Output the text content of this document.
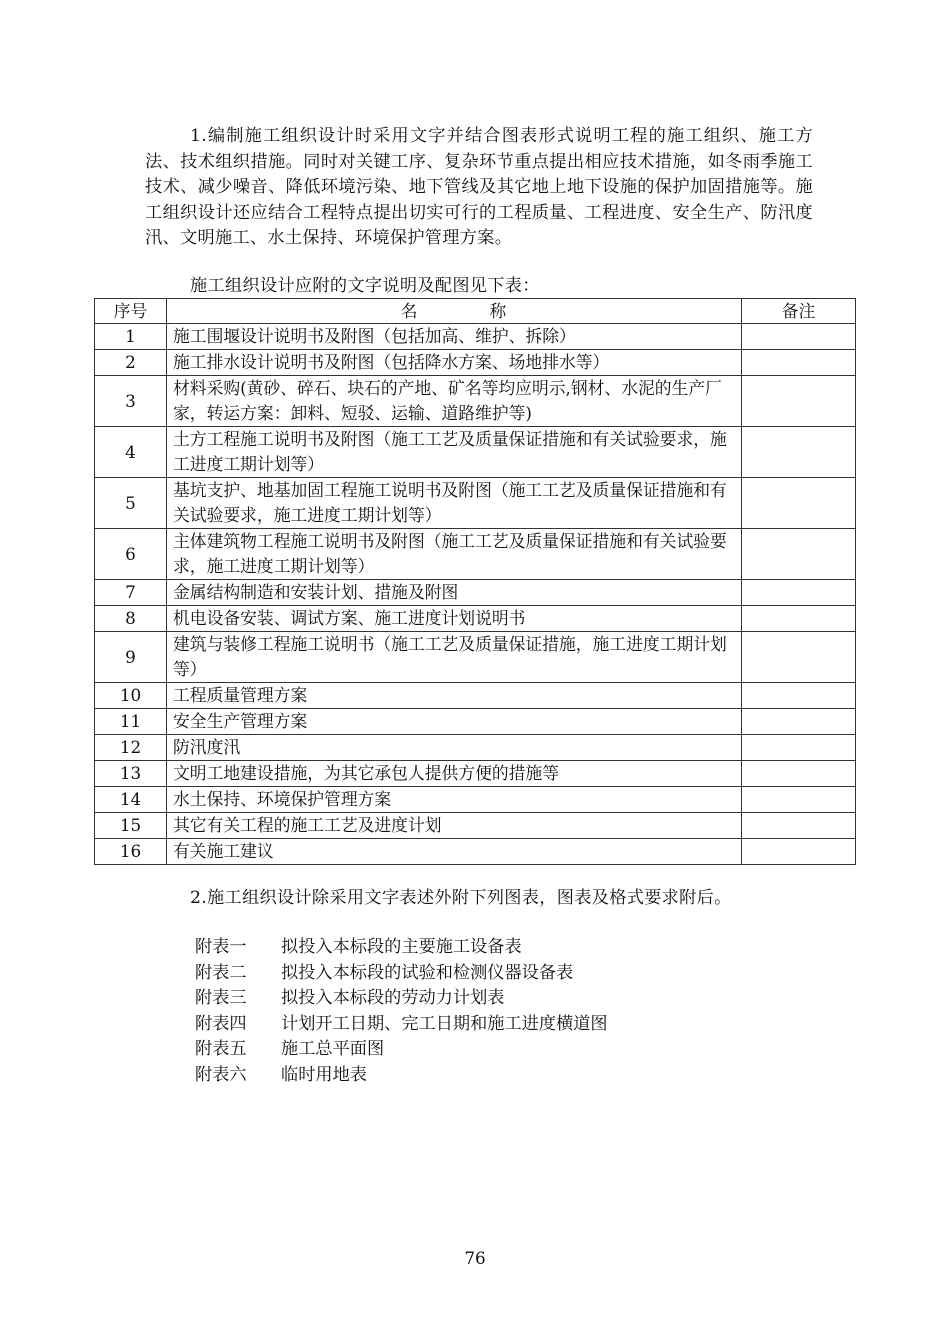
1.编制施工组织设计时采用文字并结合图表形式说明工程的施工组织、施工方法、技术组织措施。同时对关键工序、复杂环节重点提出相应技术措施，如冬雨季施工技术、减少噪音、降低环境污染、地下管线及其它地上地下设施的保护加固措施等。施工组织设计还应结合工程特点提出切实可行的工程质量、工程进度、安全生产、防汛度汛、文明施工、水土保持、环境保护管理方案。

施工组织设计应附的文字说明及配图见下表：

序号	名　　　　称	备注
1	施工围堰设计说明书及附图（包括加高、维护、拆除）	
2	施工排水设计说明书及附图（包括降水方案、场地排水等）	
3	材料采购(黄砂、碎石、块石的产地、矿名等均应明示,钢材、水泥的生产厂家，转运方案：卸料、短驳、运输、道路维护等)	
4	土方工程施工说明书及附图（施工工艺及质量保证措施和有关试验要求，施工进度工期计划等）	
5	基坑支护、地基加固工程施工说明书及附图（施工工艺及质量保证措施和有关试验要求，施工进度工期计划等）	
6	主体建筑物工程施工说明书及附图（施工工艺及质量保证措施和有关试验要求，施工进度工期计划等）	
7	金属结构制造和安装计划、措施及附图	
8	机电设备安装、调试方案、施工进度计划说明书	
9	建筑与装修工程施工说明书（施工工艺及质量保证措施，施工进度工期计划等）	
10	工程质量管理方案	
11	安全生产管理方案	
12	防汛度汛	
13	文明工地建设措施，为其它承包人提供方便的措施等	
14	水土保持、环境保护管理方案	
15	其它有关工程的施工工艺及进度计划	
16	有关施工建议	

2.施工组织设计除采用文字表述外附下列图表，图表及格式要求附后。

附表一 拟投入本标段的主要施工设备表
附表二 拟投入本标段的试验和检测仪器设备表
附表三 拟投入本标段的劳动力计划表
附表四 计划开工日期、完工日期和施工进度横道图
附表五 施工总平面图
附表六 临时用地表
76
